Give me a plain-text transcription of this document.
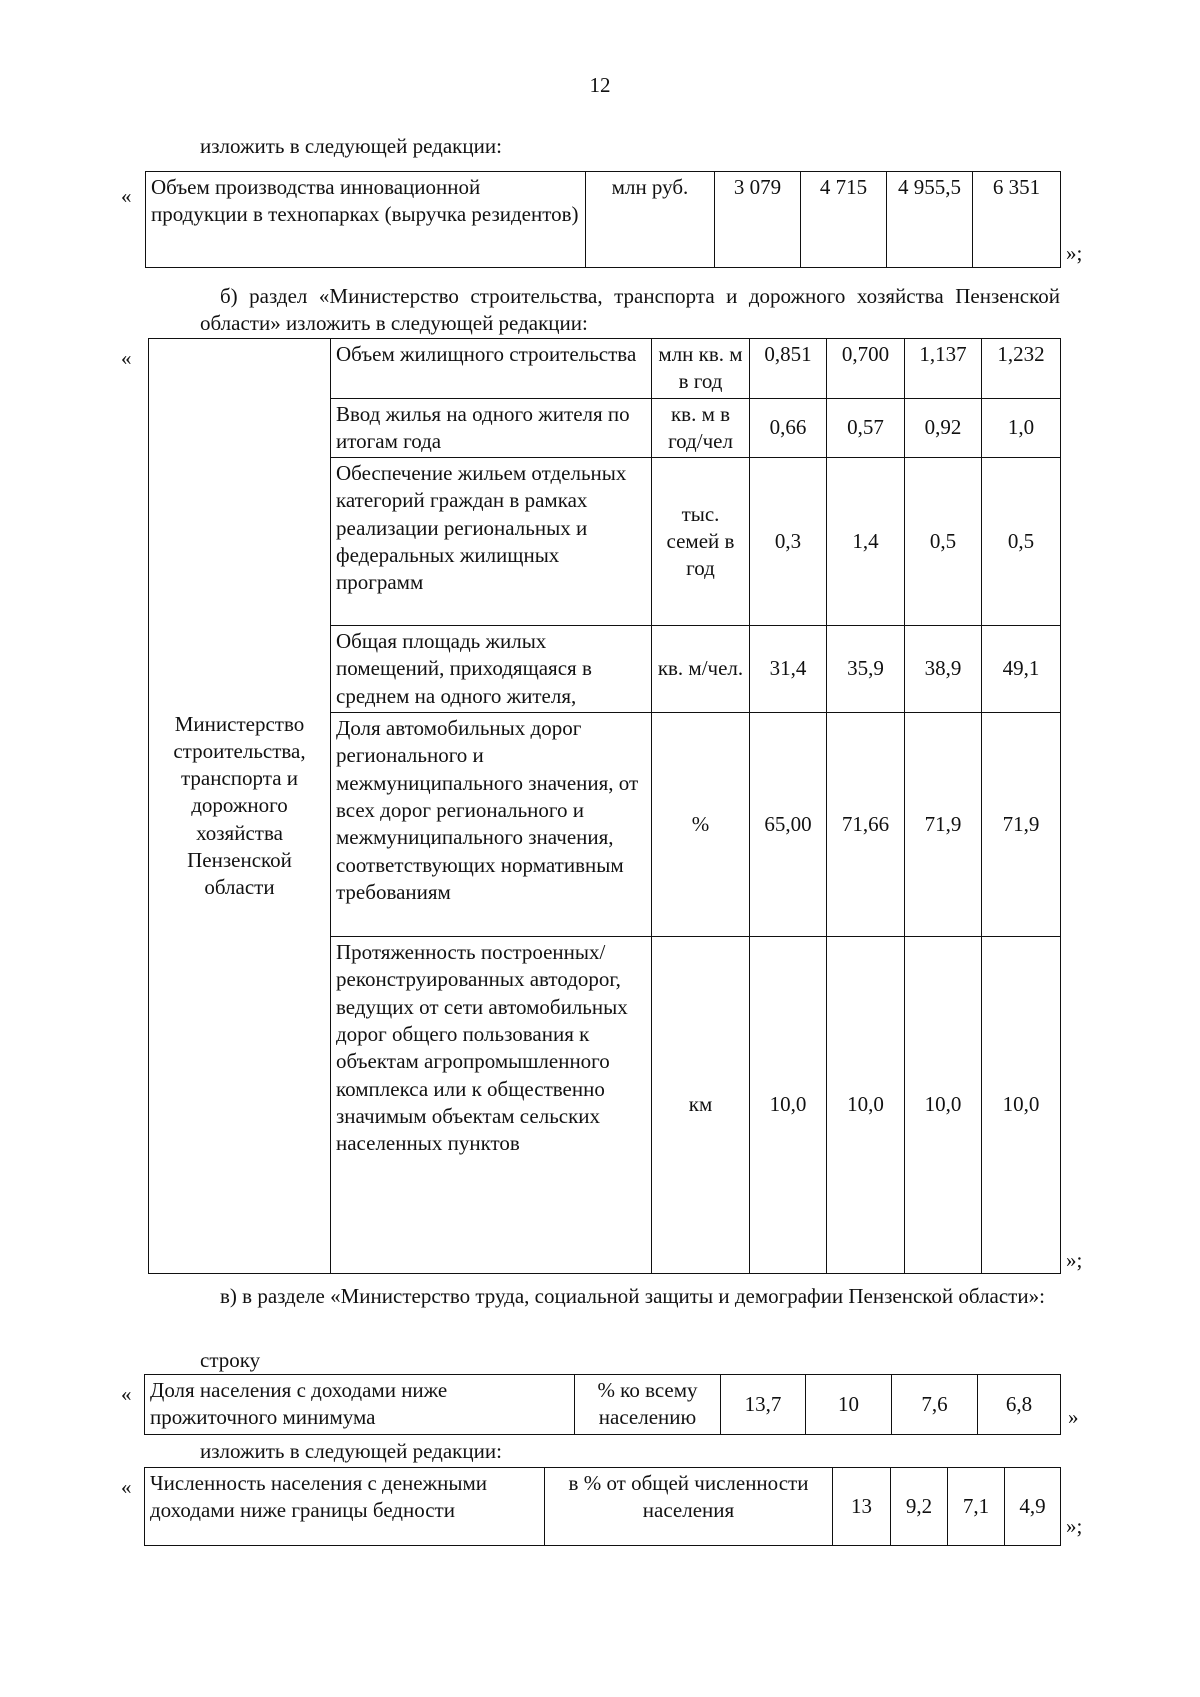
12
изложить в следующей редакции:
« Объем производства инновационной продукции в технопарках (выручка резидентов)	млн руб.	3 079	4 715	4 955,5	6 351
»;
б) раздел «Министерство строительства, транспорта и дорожного хозяйства Пензенской области» изложить в следующей редакции:
«
Министерство строительства, транспорта и дорожного хозяйства Пензенской области	Объем жилищного строительства	млн кв. м в год	0,851	0,700	1,137	1,232
	Ввод жилья на одного жителя по итогам года	кв. м в год/чел	0,66	0,57	0,92	1,0
	Обеспечение жильем отдельных категорий граждан в рамках реализации региональных и федеральных жилищных программ	тыс. семей в год	0,3	1,4	0,5	0,5
	Общая площадь жилых помещений, приходящаяся в среднем на одного жителя,	кв. м/чел.	31,4	35,9	38,9	49,1
	Доля автомобильных дорог регионального и межмуниципального значения, от всех дорог регионального и межмуниципального значения, соответствующих нормативным требованиям	%	65,00	71,66	71,9	71,9
	Протяженность построенных/ реконструированных автодорог, ведущих от сети автомобильных дорог общего пользования к объектам агропромышленного комплекса или к общественно значимым объектам сельских населенных пунктов	км	10,0	10,0	10,0	10,0
»;
в) в разделе «Министерство труда, социальной защиты и демографии Пензенской области»:
строку
« Доля населения с доходами ниже прожиточного минимума	% ко всему населению	13,7	10	7,6	6,8
»
изложить в следующей редакции:
« Численность населения с денежными доходами ниже границы бедности	в % от общей численности населения	13	9,2	7,1	4,9
»;
